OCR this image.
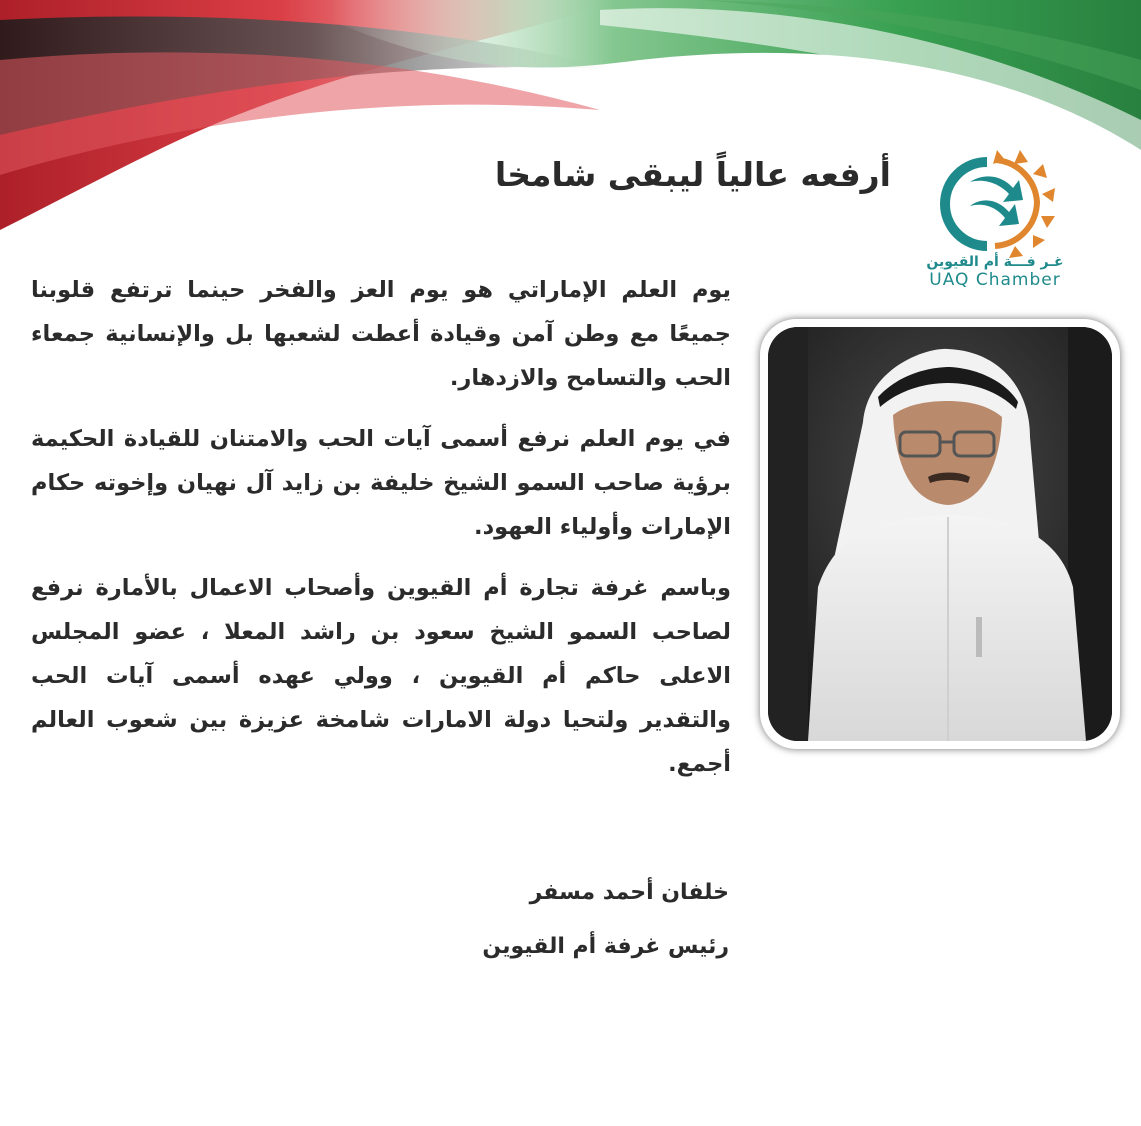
غـر فـــة أم القيوين
UAQ Chamber
أرفعه عالياً ليبقى شامخا

يوم العلم الإماراتي هو يوم العز والفخر حينما ترتفع قلوبنا جميعًا مع وطن آمن وقيادة أعطت لشعبها بل والإنسانية جمعاء الحب والتسامح والازدهار.

في يوم العلم نرفع أسمى آيات الحب والامتنان للقيادة الحكيمة برؤية صاحب السمو الشيخ خليفة بن زايد آل نهيان وإخوته حكام الإمارات وأولياء العهود.

وباسم غرفة تجارة أم القيوين وأصحاب الاعمال بالأمارة نرفع لصاحب السمو الشيخ سعود بن راشد المعلا ، عضو المجلس الاعلى حاكم أم القيوين ، وولي عهده أسمى آيات الحب والتقدير ولتحيا دولة الامارات شامخة عزيزة بين شعوب العالم أجمع.

خلفان أحمد مسفر
رئيس غرفة أم القيوين
